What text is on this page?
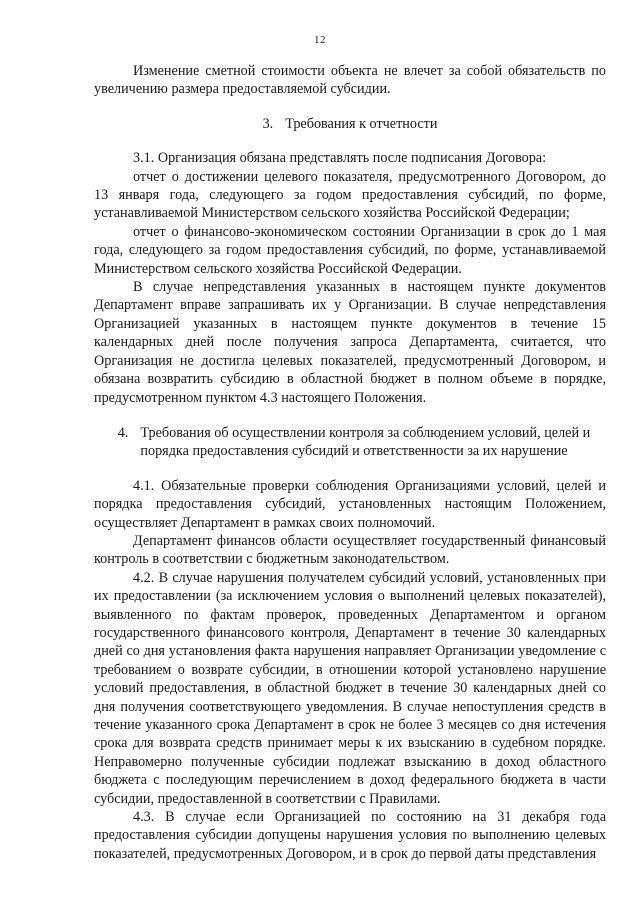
12

Изменение сметной стоимости объекта не влечет за собой обязательств по увеличению размера предоставляемой субсидии.

3. Требования к отчетности

3.1. Организация обязана представлять после подписания Договора:

отчет о достижении целевого показателя, предусмотренного Договором, до 13 января года, следующего за годом предоставления субсидий, по форме, устанавливаемой Министерством сельского хозяйства Российской Федерации;

отчет о финансово-экономическом состоянии Организации в срок до 1 мая года, следующего за годом предоставления субсидий, по форме, устанавливаемой Министерством сельского хозяйства Российской Федерации.

В случае непредставления указанных в настоящем пункте документов Департамент вправе запрашивать их у Организации. В случае непредставления Организацией указанных в настоящем пункте документов в течение 15 календарных дней после получения запроса Департамента, считается, что Организация не достигла целевых показателей, предусмотренный Договором, и обязана возвратить субсидию в областной бюджет в полном объеме в порядке, предусмотренном пунктом 4.3 настоящего Положения.

4. Требования об осуществлении контроля за соблюдением условий, целей и порядка предоставления субсидий и ответственности за их нарушение

4.1. Обязательные проверки соблюдения Организациями условий, целей и порядка предоставления субсидий, установленных настоящим Положением, осуществляет Департамент в рамках своих полномочий.

Департамент финансов области осуществляет государственный финансовый контроль в соответствии с бюджетным законодательством.

4.2. В случае нарушения получателем субсидий условий, установленных при их предоставлении (за исключением условия о выполнений целевых показателей), выявленного по фактам проверок, проведенных Департаментом и органом государственного финансового контроля, Департамент в течение 30 календарных дней со дня установления факта нарушения направляет Организации уведомление с требованием о возврате субсидии, в отношении которой установлено нарушение условий предоставления, в областной бюджет в течение 30 календарных дней со дня получения соответствующего уведомления. В случае непоступления средств в течение указанного срока Департамент в срок не более 3 месяцев со дня истечения срока для возврата средств принимает меры к их взысканию в судебном порядке. Неправомерно полученные субсидии подлежат взысканию в доход областного бюджета с последующим перечислением в доход федерального бюджета в части субсидии, предоставленной в соответствии с Правилами.

4.3. В случае если Организацией по состоянию на 31 декабря года предоставления субсидии допущены нарушения условия по выполнению целевых показателей, предусмотренных Договором, и в срок до первой даты представления
